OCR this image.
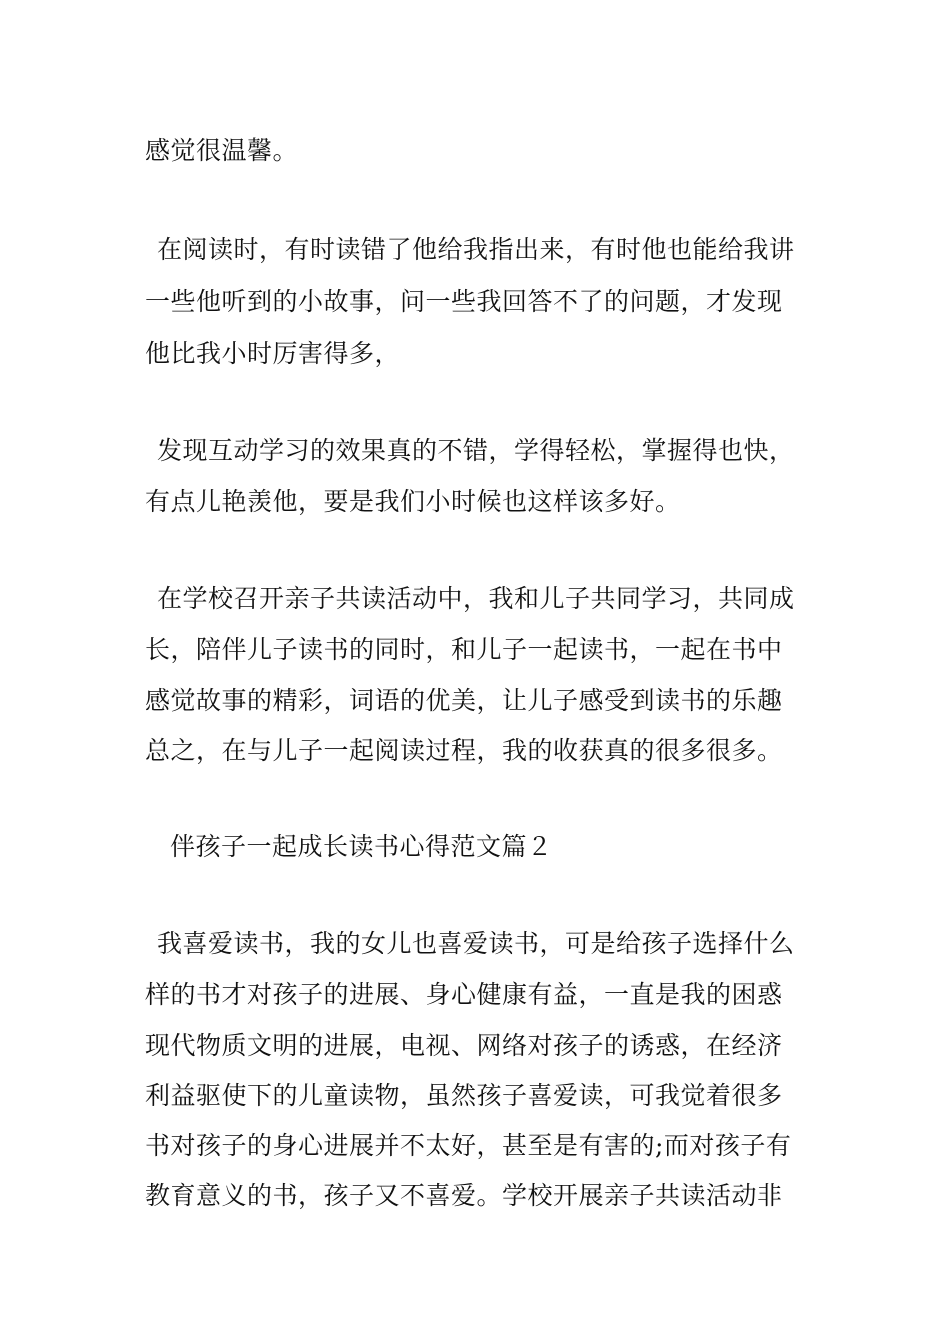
感觉很温馨。
在阅读时，有时读错了他给我指出来，有时他也能给我讲
一些他听到的小故事，问一些我回答不了的问题，才发现
他比我小时厉害得多，
发现互动学习的效果真的不错，学得轻松，掌握得也快，
有点儿艳羡他，要是我们小时候也这样该多好。
在学校召开亲子共读活动中，我和儿子共同学习，共同成
长，陪伴儿子读书的同时，和儿子一起读书，一起在书中
感觉故事的精彩，词语的优美，让儿子感受到读书的乐趣
总之，在与儿子一起阅读过程，我的收获真的很多很多。
伴孩子一起成长读书心得范文篇２
我喜爱读书，我的女儿也喜爱读书，可是给孩子选择什么
样的书才对孩子的进展、身心健康有益，一直是我的困惑
现代物质文明的进展，电视、网络对孩子的诱惑，在经济
利益驱使下的儿童读物，虽然孩子喜爱读，可我觉着很多
书对孩子的身心进展并不太好，甚至是有害的;而对孩子有
教育意义的书，孩子又不喜爱。学校开展亲子共读活动非
